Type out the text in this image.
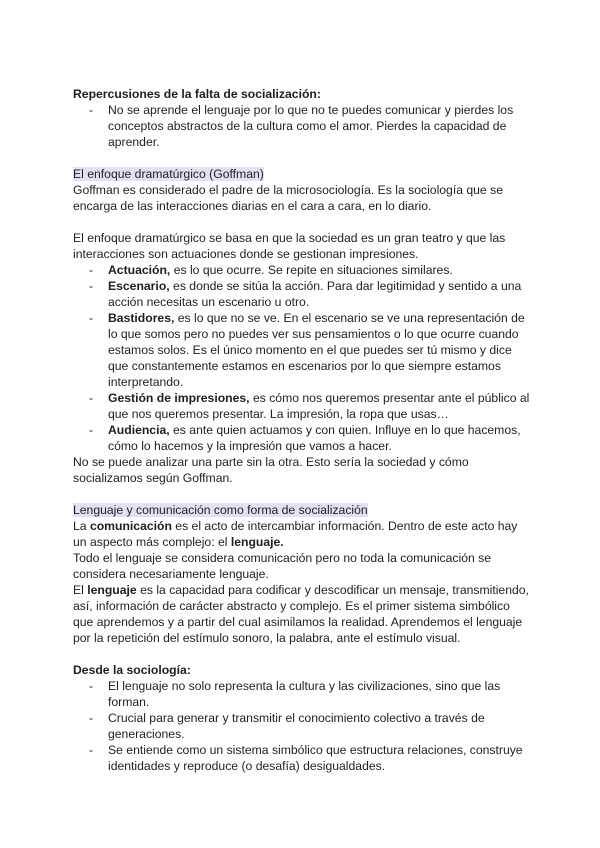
Repercusiones de la falta de socialización:

- No se aprende el lenguaje por lo que no te puedes comunicar y pierdes los conceptos abstractos de la cultura como el amor. Pierdes la capacidad de aprender.

El enfoque dramatúrgico (Goffman)

Goffman es considerado el padre de la microsociología. Es la sociología que se encarga de las interacciones diarias en el cara a cara, en lo diario.

El enfoque dramatúrgico se basa en que la sociedad es un gran teatro y que las interacciones son actuaciones donde se gestionan impresiones.

- Actuación, es lo que ocurre. Se repite en situaciones similares.
- Escenario, es donde se sitúa la acción. Para dar legitimidad y sentido a una acción necesitas un escenario u otro.
- Bastidores, es lo que no se ve. En el escenario se ve una representación de lo que somos pero no puedes ver sus pensamientos o lo que ocurre cuando estamos solos. Es el único momento en el que puedes ser tú mismo y dice que constantemente estamos en escenarios por lo que siempre estamos interpretando.
- Gestión de impresiones, es cómo nos queremos presentar ante el público al que nos queremos presentar. La impresión, la ropa que usas…
- Audiencia, es ante quien actuamos y con quien. Influye en lo que hacemos, cómo lo hacemos y la impresión que vamos a hacer.

No se puede analizar una parte sin la otra. Esto sería la sociedad y cómo socializamos según Goffman.

Lenguaje y comunicación como forma de socialización

La comunicación es el acto de intercambiar información. Dentro de este acto hay un aspecto más complejo: el lenguaje.

Todo el lenguaje se considera comunicación pero no toda la comunicación se considera necesariamente lenguaje.

El lenguaje es la capacidad para codificar y descodificar un mensaje, transmitiendo, así, información de carácter abstracto y complejo. Es el primer sistema simbólico que aprendemos y a partir del cual asimilamos la realidad. Aprendemos el lenguaje por la repetición del estímulo sonoro, la palabra, ante el estímulo visual.

Desde la sociología:

- El lenguaje no solo representa la cultura y las civilizaciones, sino que las forman.
- Crucial para generar y transmitir el conocimiento colectivo a través de generaciones.
- Se entiende como un sistema simbólico que estructura relaciones, construye identidades y reproduce (o desafía) desigualdades.
